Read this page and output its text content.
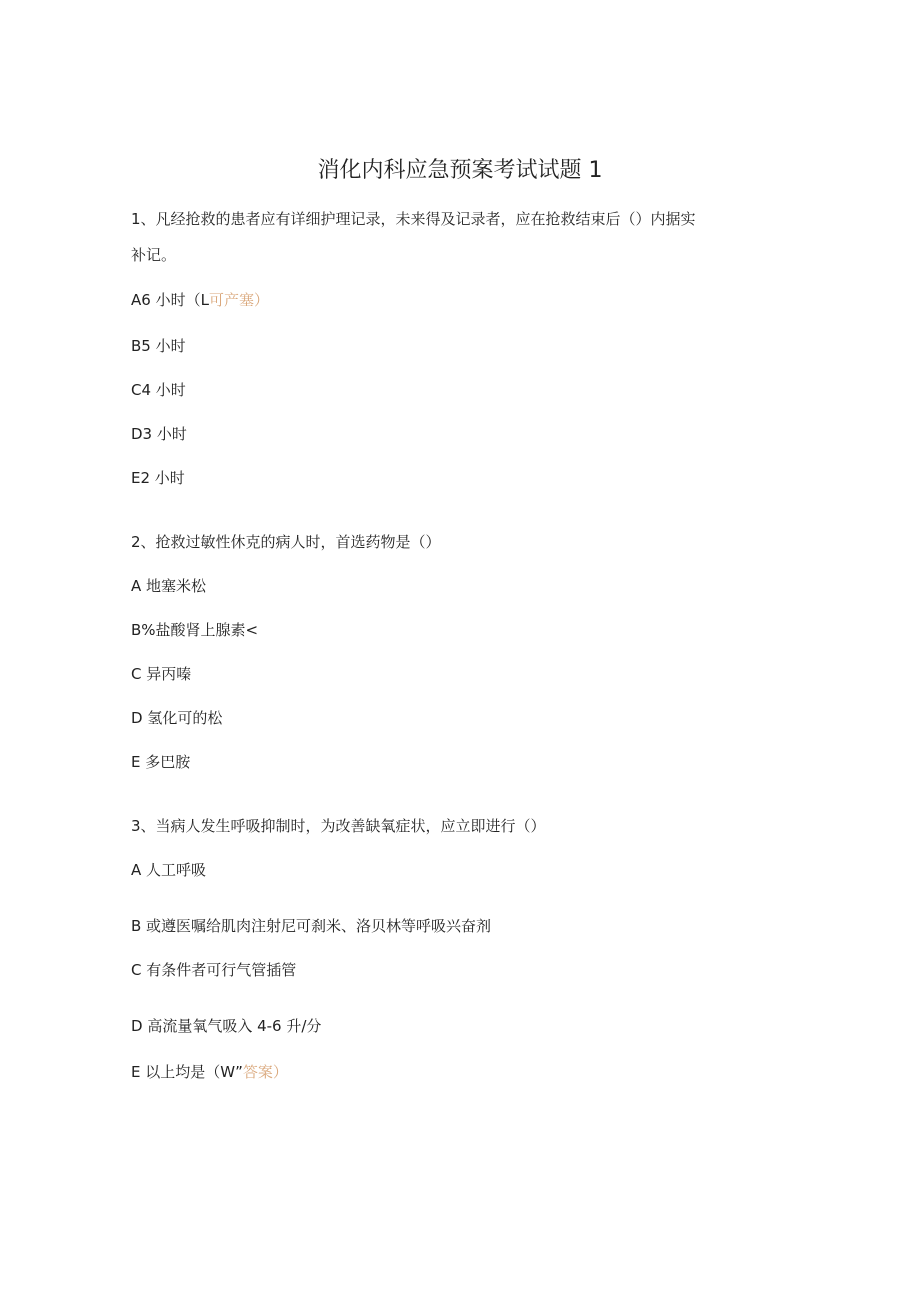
消化内科应急预案考试试题 1
1、凡经抢救的患者应有详细护理记录，未来得及记录者，应在抢救结束后（）内据实
补记。
A6 小时（L可产塞）
B5 小时
C4 小时
D3 小时
E2 小时
2、抢救过敏性休克的病人时，首选药物是（）
A 地塞米松
B%盐酸肾上腺素<
C 异丙嗪
D 氢化可的松
E 多巴胺
3、当病人发生呼吸抑制时，为改善缺氧症状，应立即进行（）
A 人工呼吸
B 或遵医嘱给肌肉注射尼可刹米、洛贝林等呼吸兴奋剂
C 有条件者可行气管插管
D 高流量氧气吸入 4-6 升/分
E 以上均是（W”答案）
